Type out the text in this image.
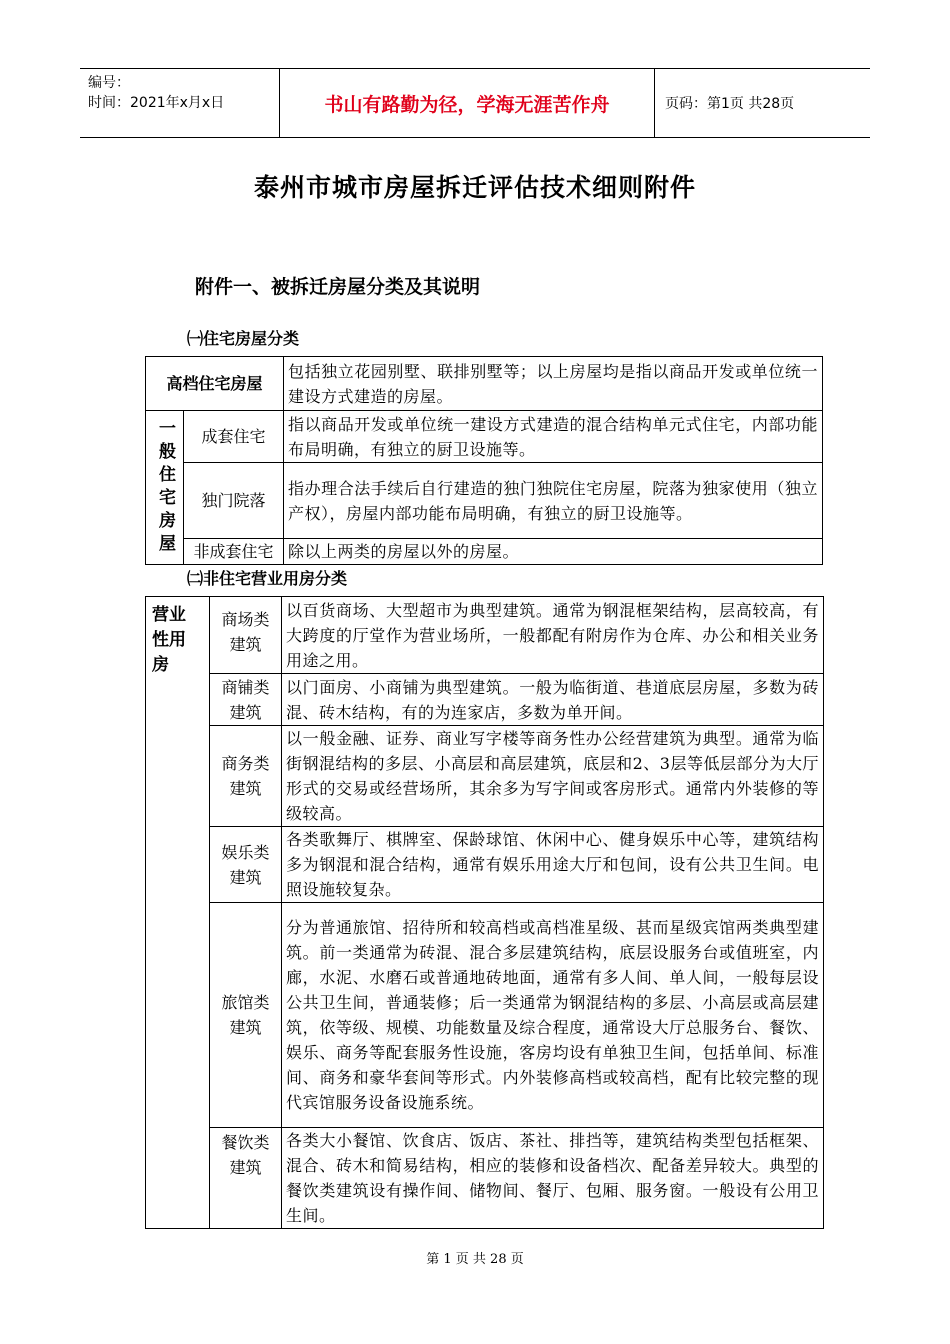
编号：
时间：2021年x月x日	书山有路勤为径，学海无涯苦作舟	页码：第1页 共28页
泰州市城市房屋拆迁评估技术细则附件
附件一、被拆迁房屋分类及其说明
㈠住宅房屋分类
高档住宅房屋		包括独立花园别墅、联排别墅等；以上房屋均是指以商品开发或单位统一建设方式建造的房屋。

一般住宅房屋	成套住宅	指以商品开发或单位统一建设方式建造的混合结构单元式住宅，内部功能布局明确，有独立的厨卫设施等。
	独门院落	指办理合法手续后自行建造的独门独院住宅房屋，院落为独家使用（独立产权），房屋内部功能布局明确，有独立的厨卫设施等。
	非成套住宅	除以上两类的房屋以外的房屋。
㈡非住宅营业用房分类
营业性用房	商场类建筑	以百货商场、大型超市为典型建筑。通常为钢混框架结构，层高较高，有大跨度的厅堂作为营业场所，一般都配有附房作为仓库、办公和相关业务用途之用。
	商铺类建筑	以门面房、小商铺为典型建筑。一般为临街道、巷道底层房屋，多数为砖混、砖木结构，有的为连家店，多数为单开间。
	商务类建筑	以一般金融、证券、商业写字楼等商务性办公经营建筑为典型。通常为临街钢混结构的多层、小高层和高层建筑，底层和2、3层等低层部分为大厅形式的交易或经营场所，其余多为写字间或客房形式。通常内外装修的等级较高。
	娱乐类建筑	各类歌舞厅、棋牌室、保龄球馆、休闲中心、健身娱乐中心等，建筑结构多为钢混和混合结构，通常有娱乐用途大厅和包间，设有公共卫生间。电照设施较复杂。
	旅馆类建筑	分为普通旅馆、招待所和较高档或高档准星级、甚而星级宾馆两类典型建筑。前一类通常为砖混、混合多层建筑结构，底层设服务台或值班室，内廊，水泥、水磨石或普通地砖地面，通常有多人间、单人间，一般每层设公共卫生间，普通装修；后一类通常为钢混结构的多层、小高层或高层建筑，依等级、规模、功能数量及综合程度，通常设大厅总服务台、餐饮、娱乐、商务等配套服务性设施，客房均设有单独卫生间，包括单间、标准间、商务和豪华套间等形式。内外装修高档或较高档，配有比较完整的现代宾馆服务设备设施系统。
	餐饮类建筑	各类大小餐馆、饮食店、饭店、茶社、排挡等，建筑结构类型包括框架、混合、砖木和简易结构，相应的装修和设备档次、配备差异较大。典型的餐饮类建筑设有操作间、储物间、餐厅、包厢、服务窗。一般设有公用卫生间。
第 1 页 共 28 页
